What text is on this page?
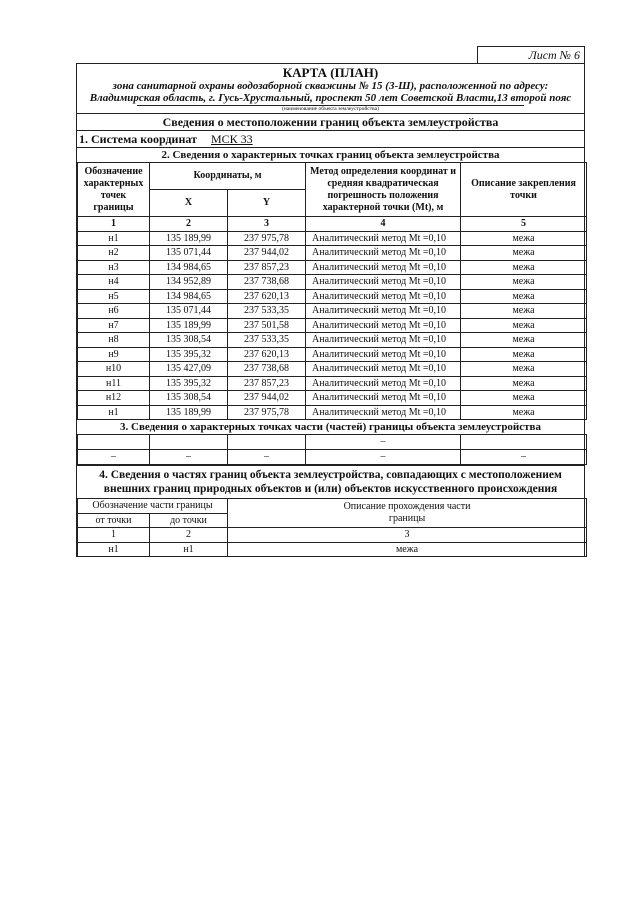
Лист № 6
КАРТА (ПЛАН)
зона санитарной охраны водозаборной скважины № 15 (3-Ш), расположенной по адресу:
Владимирская область, г. Гусь-Хрустальный, проспект 50 лет Советской Власти,13 второй пояс
(наименование объекта землеустройства)
Сведения о местоположении границ объекта землеустройства
1. Система координат МСК 33
2. Сведения о характерных точках границ объекта землеустройства
Обозначение характерных точек границы	Координаты, м		Метод определения координат и средняя квадратическая погрешность положения характерной точки (Mt), м	Описание закрепления точки
	X	Y		
1	2	3	4	5
н1	135 189,99	237 975,78	Аналитический метод Mt =0,10	межа
н2	135 071,44	237 944,02	Аналитический метод Mt =0,10	межа
н3	134 984,65	237 857,23	Аналитический метод Mt =0,10	межа
н4	134 952,89	237 738,68	Аналитический метод Mt =0,10	межа
н5	134 984,65	237 620,13	Аналитический метод Mt =0,10	межа
н6	135 071,44	237 533,35	Аналитический метод Mt =0,10	межа
н7	135 189,99	237 501,58	Аналитический метод Mt =0,10	межа
н8	135 308,54	237 533,35	Аналитический метод Mt =0,10	межа
н9	135 395,32	237 620,13	Аналитический метод Mt =0,10	межа
н10	135 427,09	237 738,68	Аналитический метод Mt =0,10	межа
н11	135 395,32	237 857,23	Аналитический метод Mt =0,10	межа
н12	135 308,54	237 944,02	Аналитический метод Mt =0,10	межа
н1	135 189,99	237 975,78	Аналитический метод Mt =0,10	межа
3. Сведения о характерных точках части (частей) границы объекта землеустройства
			–	
–	–	–	–	–
4. Сведения о частях границ объекта землеустройства, совпадающих с местоположением внешних границ природных объектов и (или) объектов искусственного происхождения
Обозначение части границы		Описание прохождения части границы
от точки	до точки	
1	2	3
н1	н1	межа
